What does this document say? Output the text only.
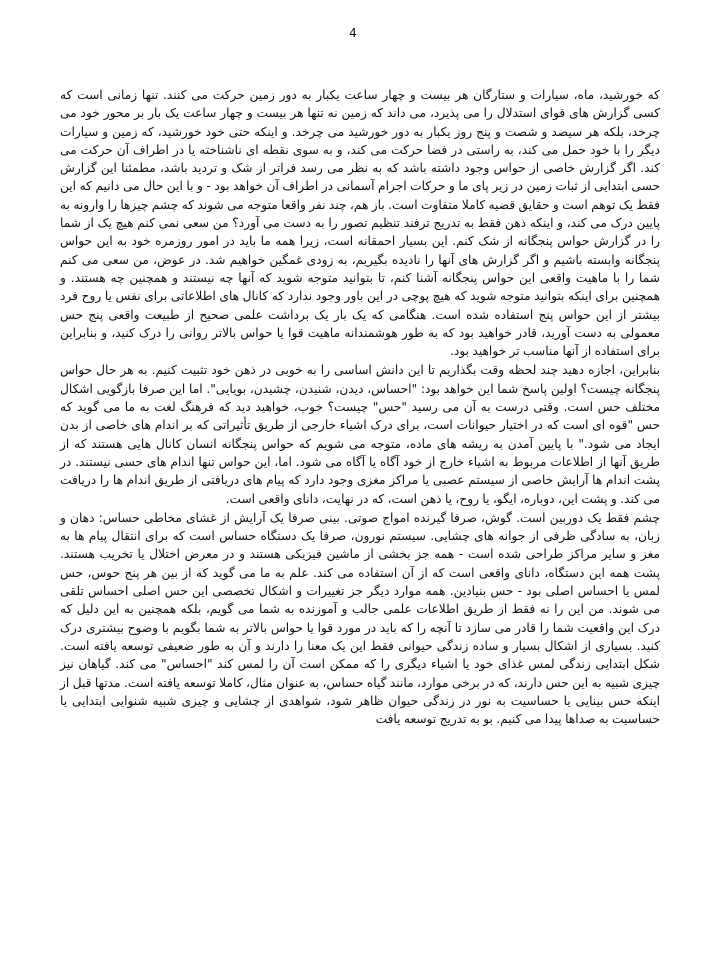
4

که خورشید، ماه، سیارات و ستارگان هر بیست و چهار ساعت یکبار به دور زمین حرکت می کنند. تنها زمانی است که کسی گزارش های قوای استدلال را می پذیرد، می داند که زمین نه تنها هر بیست و چهار ساعت یک بار بر محور خود می چرخد، بلکه هر سیصد و شصت و پنج روز یکبار به دور خورشید می چرخد. و اینکه حتی خود خورشید، که زمین و سیارات دیگر را با خود حمل می کند، به راستی در فضا حرکت می کند، و به سوی نقطه ای ناشناخته یا در اطراف آن حرکت می کند. اگر گزارش خاصی از حواس وجود داشته باشد که به نظر می رسد فراتر از شک و تردید باشد، مطمئنا این گزارش حسی ابتدایی از ثبات زمین در زیر پای ما و حرکات اجرام آسمانی در اطراف آن خواهد بود - و با این حال می دانیم که این فقط یک توهم است و حقایق قضیه کاملا متفاوت است. باز هم، چند نفر واقعا متوجه می شوند که چشم چیزها را وارونه به پایین درک می کند، و اینکه ذهن فقط به تدریج ترفند تنظیم تصور را به دست می آورد؟ من سعی نمی کنم هیچ یک از شما را در گزارش حواس پنجگانه از شک کنم. این بسیار احمقانه است، زیرا همه ما باید در امور روزمره خود به این حواس پنجگانه وابسته باشیم و اگر گزارش های آنها را نادیده بگیریم، به زودی غمگین خواهیم شد. در عوض، من سعی می کنم شما را با ماهیت واقعی این حواس پنجگانه آشنا کنم، تا بتوانید متوجه شوید که آنها چه نیستند و همچنین چه هستند. و همچنین برای اینکه بتوانید متوجه شوید که هیچ پوچی در این باور وجود ندارد که کانال های اطلاعاتی برای نفس یا روح فرد بیشتر از این حواس پنج استفاده شده است. هنگامی که یک بار یک برداشت علمی صحیح از طبیعت واقعی پنج حس معمولی به دست آورید، قادر خواهید بود که به طور هوشمندانه ماهیت قوا یا حواس بالاتر روانی را درک کنید، و بنابراین برای استفاده از آنها مناسب تر خواهید بود.

بنابراین، اجازه دهید چند لحظه وقت بگذاریم تا این دانش اساسی را به خوبی در ذهن خود تثبیت کنیم. به هر حال حواس پنجگانه چیست؟ اولین پاسخ شما این خواهد بود: "احساس، دیدن، شنیدن، چشیدن، بویایی". اما این صرفا بازگویی اشکال مختلف حس است. وقتی درست به آن می رسید "حس" چیست؟ خوب، خواهید دید که فرهنگ لغت به ما می گوید که حس "قوه ای است که در اختیار حیوانات است، برای درک اشیاء خارجی از طریق تأثیراتی که بر اندام های خاصی از بدن ایجاد می شود." با پایین آمدن به ریشه های ماده، متوجه می شویم که حواس پنجگانه انسان کانال هایی هستند که از طریق آنها از اطلاعات مربوط به اشیاء خارج از خود آگاه یا آگاه می شود. اما، این حواس تنها اندام های حسی نیستند. در پشت اندام ها آرایش خاصی از سیستم عصبی یا مراکز مغزی وجود دارد که پیام های دریافتی از طریق اندام ها را دریافت می کند. و پشت این، دوباره، ایگو، یا روح، یا ذهن است، که در نهایت، دانای واقعی است.

چشم فقط یک دوربین است. گوش، صرفا گیرنده امواج صوتی. بینی صرفا یک آرایش از غشای مخاطی حساس: دهان و زبان، به سادگی ظرفی از جوانه های چشایی. سیستم نورون، صرفا یک دستگاه حساس است که برای انتقال پیام ها به مغز و سایر مراکز طراحی شده است - همه جز بخشی از ماشین فیزیکی هستند و در معرض اختلال یا تخریب هستند. پشت همه این دستگاه، دانای واقعی است که از آن استفاده می کند. علم به ما می گوید که از بین هر پنج حوس، حس لمس یا احساس اصلی بود - حس بنیادین. همه موارد دیگر جز تغییرات و اشکال تخصصی این حس اصلی احساس تلقی می شوند. من این را نه فقط از طریق اطلاعات علمی جالب و آموزنده به شما می گویم، بلکه همچنین به این دلیل که درک این واقعیت شما را قادر می سازد تا آنچه را که باید در مورد قوا یا حواس بالاتر به شما بگویم با وضوح بیشتری درک کنید. بسیاری از اشکال بسیار و ساده زندگی حیوانی فقط این یک معنا را دارند و آن به طور ضعیفی توسعه یافته است. شکل ابتدایی زندگی لمس غذای خود یا اشیاء دیگری را که ممکن است آن را لمس کند "احساس" می کند. گیاهان نیز چیزی شبیه به این حس دارند، که در برخی موارد، مانند گیاه حساس، به عنوان مثال، کاملا توسعه یافته است. مدتها قبل از اینکه حس بینایی یا حساسیت به نور در زندگی حیوان ظاهر شود، شواهدی از چشایی و چیزی شبیه شنوایی ابتدایی یا حساسیت به صداها پیدا می کنیم. بو به تدریج توسعه یافت
